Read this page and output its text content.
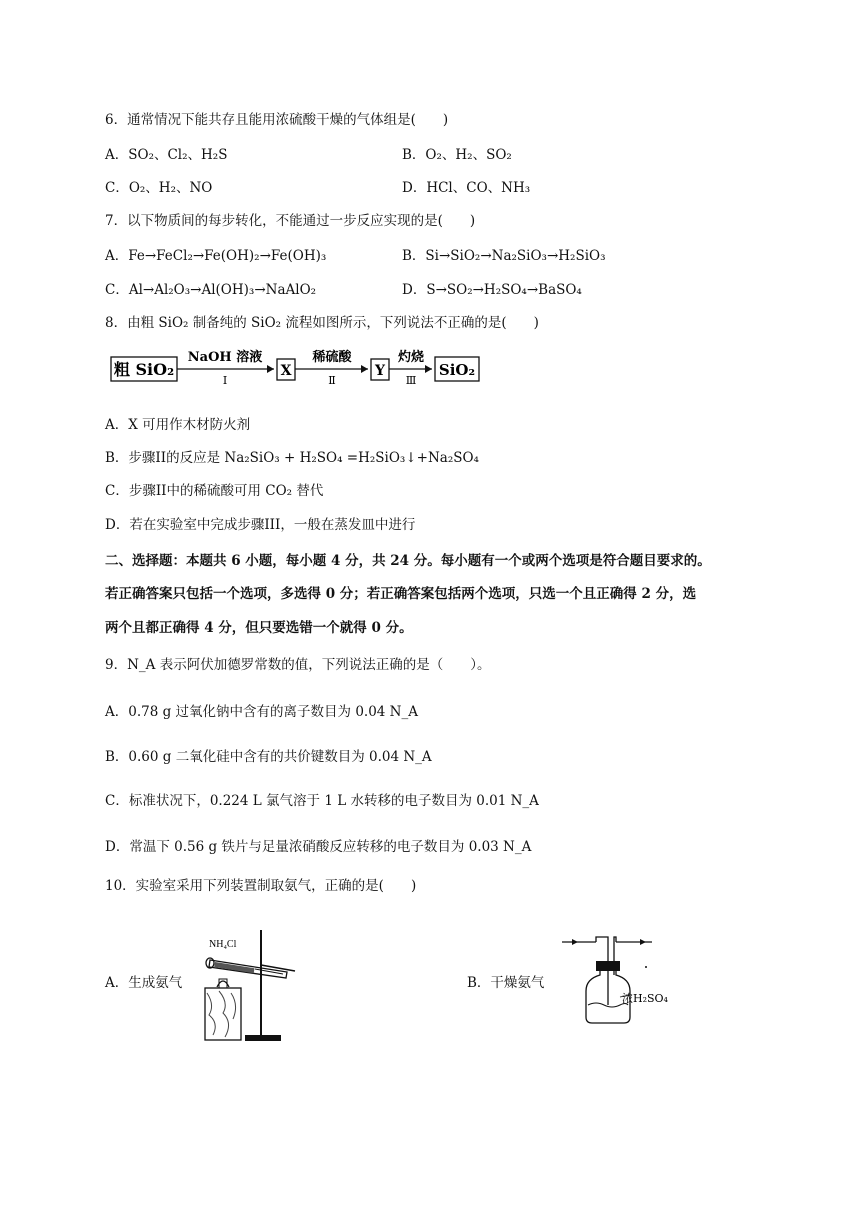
6．通常情况下能共存且能用浓硫酸干燥的气体组是(　　)
A．SO₂、Cl₂、H₂S	B．O₂、H₂、SO₂
C．O₂、H₂、NO	D．HCl、CO、NH₃
7．以下物质间的每步转化，不能通过一步反应实现的是(　　)
A．Fe→FeCl₂→Fe(OH)₂→Fe(OH)₃	B．Si→SiO₂→Na₂SiO₃→H₂SiO₃
C．Al→Al₂O₃→Al(OH)₃→NaAlO₂	D．S→SO₂→H₂SO₄→BaSO₄
8．由粗 SiO₂ 制备纯的 SiO₂ 流程如图所示，下列说法不正确的是(　　)
粗 SiO₂
NaOH 溶液
Ⅰ
X
稀硫酸
Ⅱ
Y
灼烧
Ⅲ
SiO₂
A．X 可用作木材防火剂
B．步骤II的反应是 Na₂SiO₃ + H₂SO₄ =H₂SiO₃↓+Na₂SO₄
C．步骤II中的稀硫酸可用 CO₂ 替代
D．若在实验室中完成步骤III，一般在蒸发皿中进行
二、选择题：本题共 6 小题，每小题 4 分，共 24 分。每小题有一个或两个选项是符合题目要求的。
若正确答案只包括一个选项，多选得 0 分；若正确答案包括两个选项，只选一个且正确得 2 分，选
两个且都正确得 4 分，但只要选错一个就得 0 分。
9．N_A 表示阿伏加德罗常数的值，下列说法正确的是（　　）。
A．0.78 g 过氧化钠中含有的离子数目为 0.04 N_A
B．0.60 g 二氧化硅中含有的共价键数目为 0.04 N_A
C．标准状况下，0.224 L 氯气溶于 1 L 水转移的电子数目为 0.01 N_A
D．常温下 0.56 g 铁片与足量浓硝酸反应转移的电子数目为 0.03 N_A
10．实验室采用下列装置制取氨气，正确的是(　　)
A．生成氨气	B．干燥氨气
NH₄Cl
浓H₂SO₄
